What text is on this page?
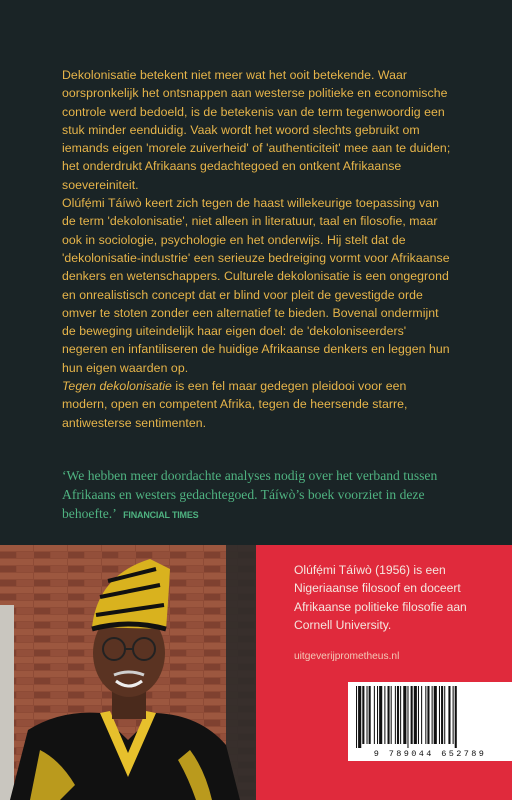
Dekolonisatie betekent niet meer wat het ooit betekende. Waar oorspronkelijk het ontsnappen aan westerse politieke en economische controle werd bedoeld, is de betekenis van de term tegenwoordig een stuk minder eenduidig. Vaak wordt het woord slechts gebruikt om iemands eigen 'morele zuiverheid' of 'authenticiteit' mee aan te duiden; het onderdrukt Afrikaans gedachtegoed en ontkent Afrikaanse soevereiniteit.

Olúfẹ́mi Táíwò keert zich tegen de haast willekeurige toepassing van de term 'dekolonisatie', niet alleen in literatuur, taal en filosofie, maar ook in sociologie, psychologie en het onderwijs. Hij stelt dat de 'dekolonisatie-industrie' een serieuze bedreiging vormt voor Afrikaanse denkers en wetenschappers. Culturele dekolonisatie is een ongegrond en onrealistisch concept dat er blind voor pleit de gevestigde orde omver te stoten zonder een alternatief te bieden. Bovenal ondermijnt de beweging uiteindelijk haar eigen doel: de 'dekoloniseerders' negeren en infantiliseren de huidige Afrikaanse denkers en leggen hun hun eigen waarden op.

Tegen dekolonisatie is een fel maar gedegen pleidooi voor een modern, open en competent Afrika, tegen de heersende starre, antiwesterse sentimenten.

‘We hebben meer doordachte analyses nodig over het verband tussen Afrikaans en westers gedachtegoed. Táíwò’s boek voorziet in deze behoefte.’ FINANCIAL TIMES
Olúfẹ́mi Táíwò (1956) is een Nigeriaanse filosoof en doceert Afrikaanse politieke filosofie aan Cornell University.
uitgeverijprometheus.nl
9 789044 652789
